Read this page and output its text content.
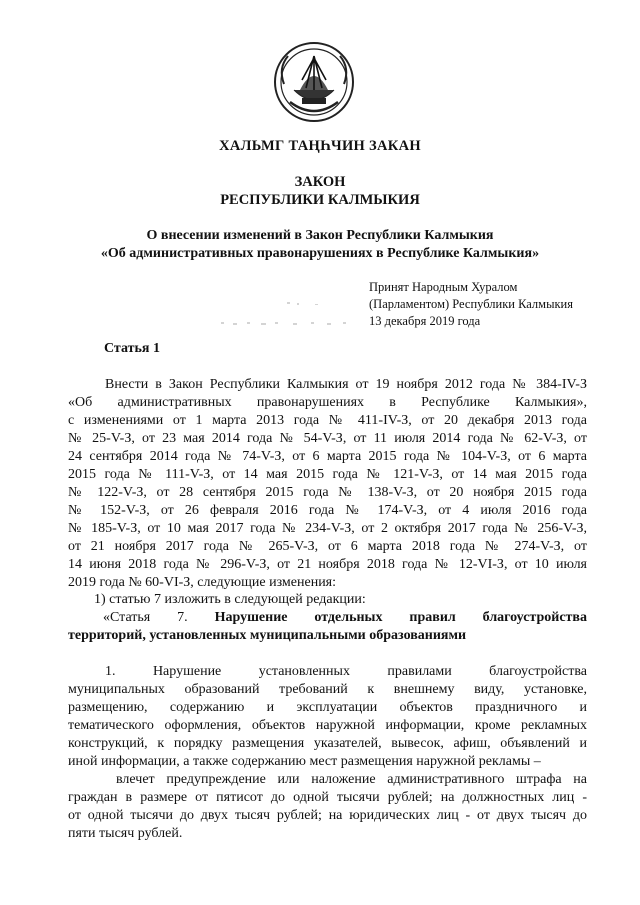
ХАЛЬМГ ТАҢҺЧИН ЗАКАН
ЗАКОН
РЕСПУБЛИКИ КАЛМЫКИЯ
О внесении изменений в Закон Республики Калмыкия
«Об административных правонарушениях в Республике Калмыкия»
Принят Народным Хуралом
(Парламентом) Республики Калмыкия
13 декабря 2019 года
Статья 1

Внести в Закон Республики Калмыкия от 19 ноября 2012 года № 384-IV-З

«Об административных правонарушениях в Республике Калмыкия»,

с изменениями от 1 марта 2013 года № 411-IV-З, от 20 декабря 2013 года

№ 25-V-З, от 23 мая 2014 года № 54-V-З, от 11 июля 2014 года № 62-V-З, от

24 сентября 2014 года № 74-V-З, от 6 марта 2015 года № 104-V-З, от 6 марта

2015 года № 111-V-З, от 14 мая 2015 года № 121-V-З, от 14 мая 2015 года

№ 122-V-З, от 28 сентября 2015 года № 138-V-З, от 20 ноября 2015 года

№ 152-V-З, от 26 февраля 2016 года № 174-V-З, от 4 июля 2016 года

№ 185-V-З, от 10 мая 2017 года № 234-V-З, от 2 октября 2017 года № 256-V-З,

от 21 ноября 2017 года № 265-V-З, от 6 марта 2018 года № 274-V-З, от

14 июня 2018 года № 296-V-З, от 21 ноября 2018 года № 12-VI-З, от 10 июля

2019 года № 60-VI-З, следующие изменения:

1) статью 7 изложить в следующей редакции:

«Статья 7. Нарушение отдельных правил благоустройства

территорий, установленных муниципальными образованиями

1. Нарушение установленных правилами благоустройства

муниципальных образований требований к внешнему виду, установке,

размещению, содержанию и эксплуатации объектов праздничного и

тематического оформления, объектов наружной информации, кроме рекламных

конструкций, к порядку размещения указателей, вывесок, афиш, объявлений и

иной информации, а также содержанию мест размещения наружной рекламы –

влечет предупреждение или наложение административного штрафа на

граждан в размере от пятисот до одной тысячи рублей; на должностных лиц -

от одной тысячи до двух тысяч рублей; на юридических лиц - от двух тысяч до

пяти тысяч рублей.
